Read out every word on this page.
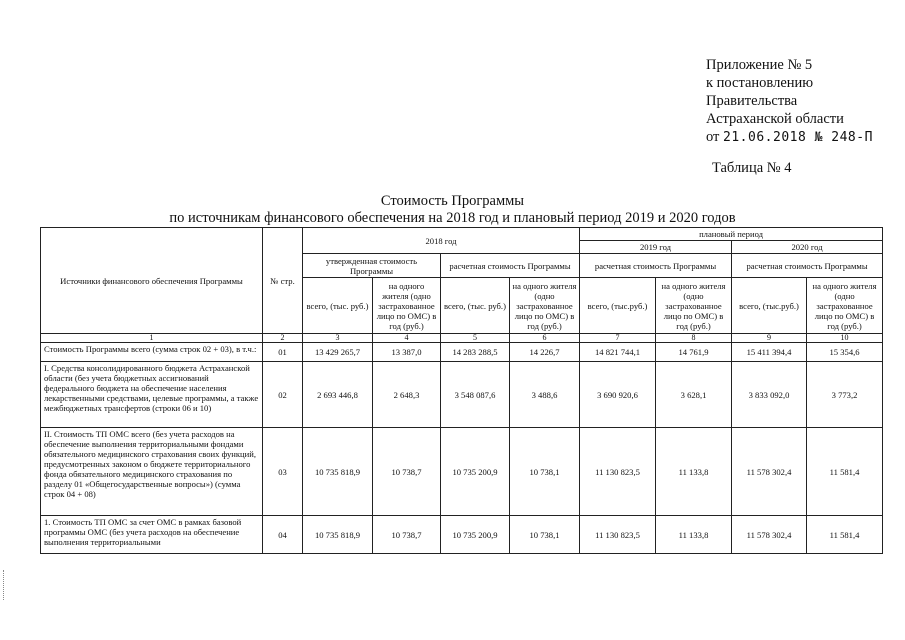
Приложение № 5
к постановлению
Правительства
Астраханской области
от 21.06.2018 № 248-П
Таблица № 4
Стоимость Программы
по источникам финансового обеспечения на 2018 год и плановый период 2019 и 2020 годов
Источники финансового обеспечения Программы	№ стр.	2018 год				плановый период			
						2019 год		2020 год	
		утвержденная стоимость Программы		расчетная стоимость Программы		расчетная стоимость Программы		расчетная стоимость Программы	
		всего, (тыс. руб.)	на одного жителя (одно застрахованное лицо по ОМС) в год (руб.)	всего, (тыс. руб.)	на одного жителя (одно застрахованное лицо по ОМС) в год (руб.)	всего, (тыс.руб.)	на одного жителя (одно застрахованное лицо по ОМС) в год (руб.)	всего, (тыс.руб.)	на одного жителя (одно застрахованное лицо по ОМС) в год (руб.)
1	2	3	4	5	6	7	8	9	10
Стоимость Программы всего (сумма строк 02 + 03), в т.ч.:	01	13 429 265,7	13 387,0	14 283 288,5	14 226,7	14 821 744,1	14 761,9	15 411 394,4	15 354,6
I. Средства консолидированного бюджета Астраханской области (без учета бюджетных ассигнований федерального бюджета на обеспечение населения лекарственными средствами, целевые программы, а также межбюджетных трансфертов (строки 06 и 10)	02	2 693 446,8	2 648,3	3 548 087,6	3 488,6	3 690 920,6	3 628,1	3 833 092,0	3 773,2
II. Стоимость ТП ОМС всего (без учета расходов на обеспечение выполнения территориальными фондами обязательного медицинского страхования своих функций, предусмотренных законом о бюджете территориального фонда обязательного медицинского страхования по разделу 01 «Общегосударственные вопросы») (сумма строк 04 + 08)	03	10 735 818,9	10 738,7	10 735 200,9	10 738,1	11 130 823,5	11 133,8	11 578 302,4	11 581,4
1. Стоимость ТП ОМС за счет ОМС в рамках базовой программы ОМС (без учета расходов на обеспечение выполнения территориальными	04	10 735 818,9	10 738,7	10 735 200,9	10 738,1	11 130 823,5	11 133,8	11 578 302,4	11 581,4
